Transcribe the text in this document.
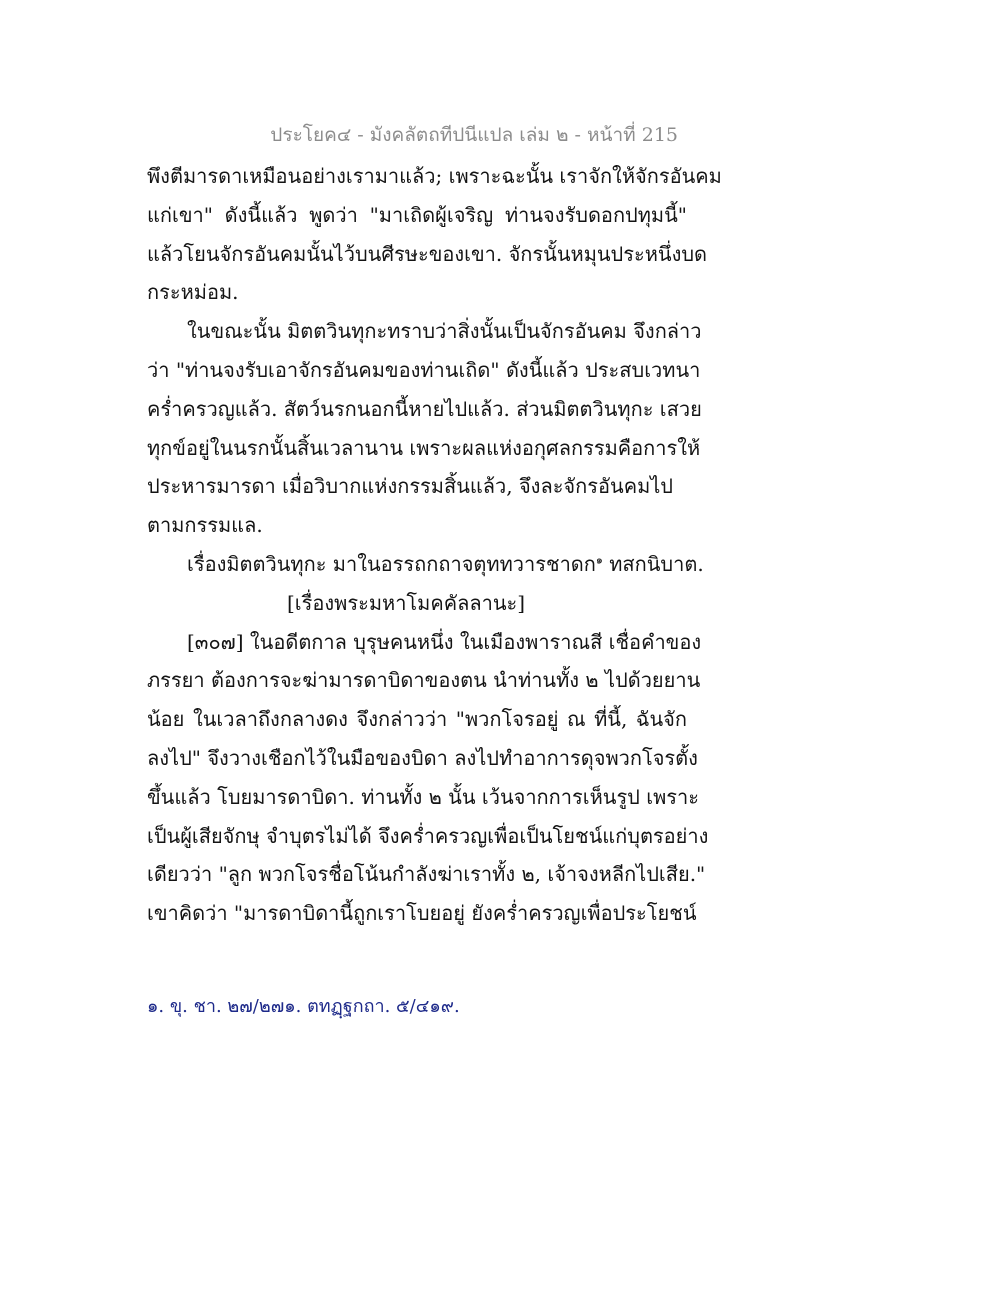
ประโยค๔ - มังคลัตถทีปนีแปล เล่ม ๒ - หน้าที่ 215
พึงตีมารดาเหมือนอย่างเรามาแล้ว; เพราะฉะนั้น เราจักให้จักรอันคม
แก่เขา" ดังนี้แล้ว พูดว่า "มาเถิดผู้เจริญ ท่านจงรับดอกปทุมนี้"
แล้วโยนจักรอันคมนั้นไว้บนศีรษะของเขา. จักรนั้นหมุนประหนึ่งบด
กระหม่อม.
ในขณะนั้น มิตตวินทุกะทราบว่าสิ่งนั้นเป็นจักรอันคม จึงกล่าว
ว่า "ท่านจงรับเอาจักรอันคมของท่านเถิด" ดังนี้แล้ว ประสบเวทนา
คร่ำครวญแล้ว. สัตว์นรกนอกนี้หายไปแล้ว. ส่วนมิตตวินทุกะ เสวย
ทุกข์อยู่ในนรกนั้นสิ้นเวลานาน เพราะผลแห่งอกุศลกรรมคือการให้
ประหารมารดา เมื่อวิบากแห่งกรรมสิ้นแล้ว, จึงละจักรอันคมไป
ตามกรรมแล.
เรื่องมิตตวินทุกะ มาในอรรถกถาจตุททวารชาดก$^๑$ ทสกนิบาต.
[เรื่องพระมหาโมคคัลลานะ]
[๓๐๗] ในอดีตกาล บุรุษคนหนึ่ง ในเมืองพาราณสี เชื่อคำของ
ภรรยา ต้องการจะฆ่ามารดาบิดาของตน นำท่านทั้ง ๒ ไปด้วยยาน
น้อย ในเวลาถึงกลางดง จึงกล่าวว่า "พวกโจรอยู่ ณ ที่นี้, ฉันจัก
ลงไป" จึงวางเชือกไว้ในมือของบิดา ลงไปทำอาการดุจพวกโจรตั้ง
ขึ้นแล้ว โบยมารดาบิดา. ท่านทั้ง ๒ นั้น เว้นจากการเห็นรูป เพราะ
เป็นผู้เสียจักษุ จำบุตรไม่ได้ จึงคร่ำครวญเพื่อเป็นโยชน์แก่บุตรอย่าง
เดียวว่า "ลูก พวกโจรชื่อโน้นกำลังฆ่าเราทั้ง ๒, เจ้าจงหลีกไปเสีย."
เขาคิดว่า "มารดาบิดานี้ถูกเราโบยอยู่ ยังคร่ำครวญเพื่อประโยชน์
๑. ขุ. ชา. ๒๗/๒๗๑. ตทฏฺฐกถา. ๕/๔๑๙.
